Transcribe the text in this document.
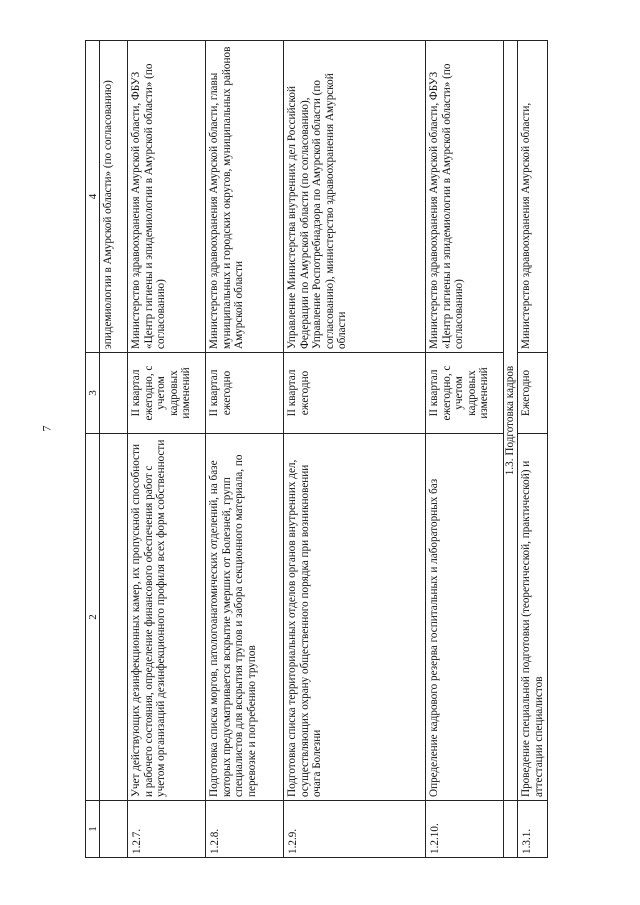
7
1	2	3	4
			эпидемиологии в Амурской области» (по согласованию)
1.2.7.	Учет действующих дезинфекционных камер, их пропускной способности и рабочего состояния, определение финансового обеспечения работ с учетом организаций дезинфекционного профиля всех форм собственности	II квартал ежегодно, с учетом кадровых изменений	Министерство здравоохранения Амурской области, ФБУЗ «Центр гигиены и эпидемиологии в Амурской области» (по согласованию)
1.2.8.	Подготовка списка моргов, патологоанатомических отделений, на базе которых предусматривается вскрытие умерших от Болезней, групп специалистов для вскрытия трупов и забора секционного материала, по перевозке и погребению трупов	II квартал ежегодно	Министерство здравоохранения Амурской области, главы муниципальных и городских округов, муниципальных районов Амурской области
1.2.9.	Подготовка списка территориальных отделов органов внутренних дел, осуществляющих охрану общественного порядка при возникновении очага Болезни	II квартал ежегодно	Управление Министерства внутренних дел Российской Федерации по Амурской области (по согласованию), Управление Роспотребнадзора по Амурской области (по согласованию), министерство здравоохранения Амурской области
1.2.10.	Определение кадрового резерва госпитальных и лабораторных баз	II квартал ежегодно, с учетом кадровых изменений	Министерство здравоохранения Амурской области, ФБУЗ «Центр гигиены и эпидемиологии в Амурской области» (по согласованию)
	1.3. Подготовка кадров		
1.3.1.	Проведение специальной подготовки (теоретической, практической) и аттестации специалистов	Ежегодно	Министерство здравоохранения Амурской области,
